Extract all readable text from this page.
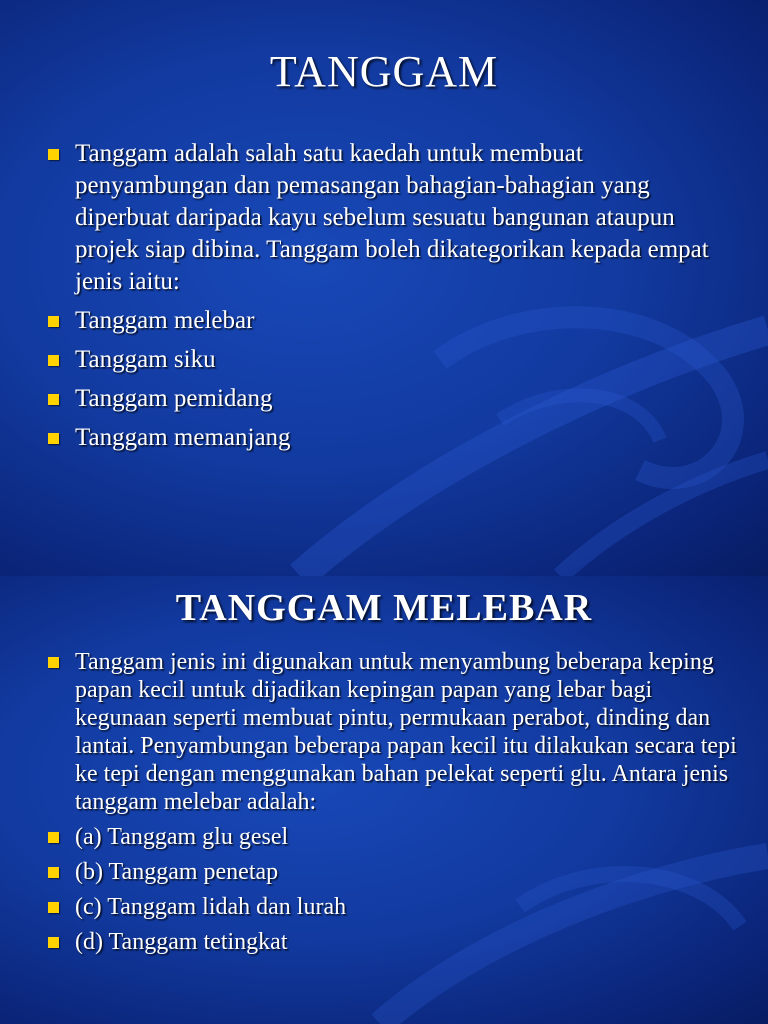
TANGGAM
Tanggam adalah salah satu kaedah untuk membuat penyambungan dan pemasangan bahagian-bahagian yang diperbuat daripada kayu sebelum sesuatu bangunan ataupun projek siap dibina. Tanggam boleh dikategorikan kepada empat jenis iaitu:
Tanggam melebar
Tanggam siku
Tanggam pemidang
Tanggam memanjang
TANGGAM MELEBAR
Tanggam jenis ini digunakan untuk menyambung beberapa keping papan kecil untuk dijadikan kepingan papan yang lebar bagi kegunaan seperti membuat pintu, permukaan perabot, dinding dan lantai. Penyambungan beberapa papan kecil itu dilakukan secara tepi ke tepi dengan menggunakan bahan pelekat seperti glu. Antara jenis tanggam melebar adalah:
(a) Tanggam glu gesel
(b) Tanggam penetap
(c) Tanggam lidah dan lurah
(d) Tanggam tetingkat
